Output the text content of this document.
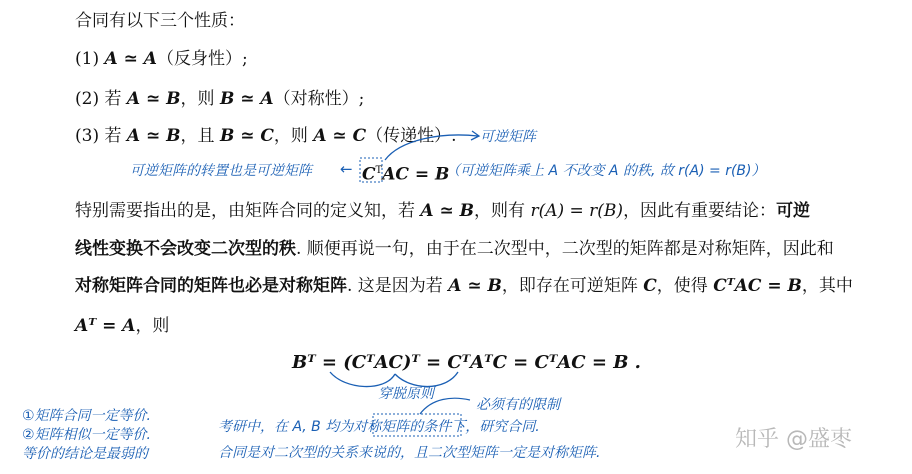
合同有以下三个性质：
(1) A ≃ A（反身性）;
(2) 若 A ≃ B，则 B ≃ A（对称性）;
(3) 若 A ≃ B，且 B ≃ C，则 A ≃ C（传递性）. 可逆矩阵
可逆矩阵的转置也是可逆矩阵 ← $C^TAC = B$
（可逆矩阵乘上 A 不改变 A 的秩, 故 r(A) = r(B)）
特别需要指出的是，由矩阵合同的定义知，若 A ≃ B，则有 r(A) = r(B)，因此有重要结论：可逆
线性变换不会改变二次型的秩. 顺便再说一句，由于在二次型中，二次型的矩阵都是对称矩阵，因此和
对称矩阵合同的矩阵也必是对称矩阵. 这是因为若 A ≃ B，即存在可逆矩阵 C，使得 CᵀAC = B，其中
Aᵀ = A，则
Bᵀ = (CᵀAC)ᵀ = CᵀAᵀC = CᵀAC = B .
穿脱原则
必须有的限制
①矩阵合同一定等价.
②矩阵相似一定等价.
等价的结论是最弱的
考研中，在 A, B 均为对称矩阵的条件下，研究合同.
合同是对二次型的关系来说的，且二次型矩阵一定是对称矩阵.
知乎 @盛枣
